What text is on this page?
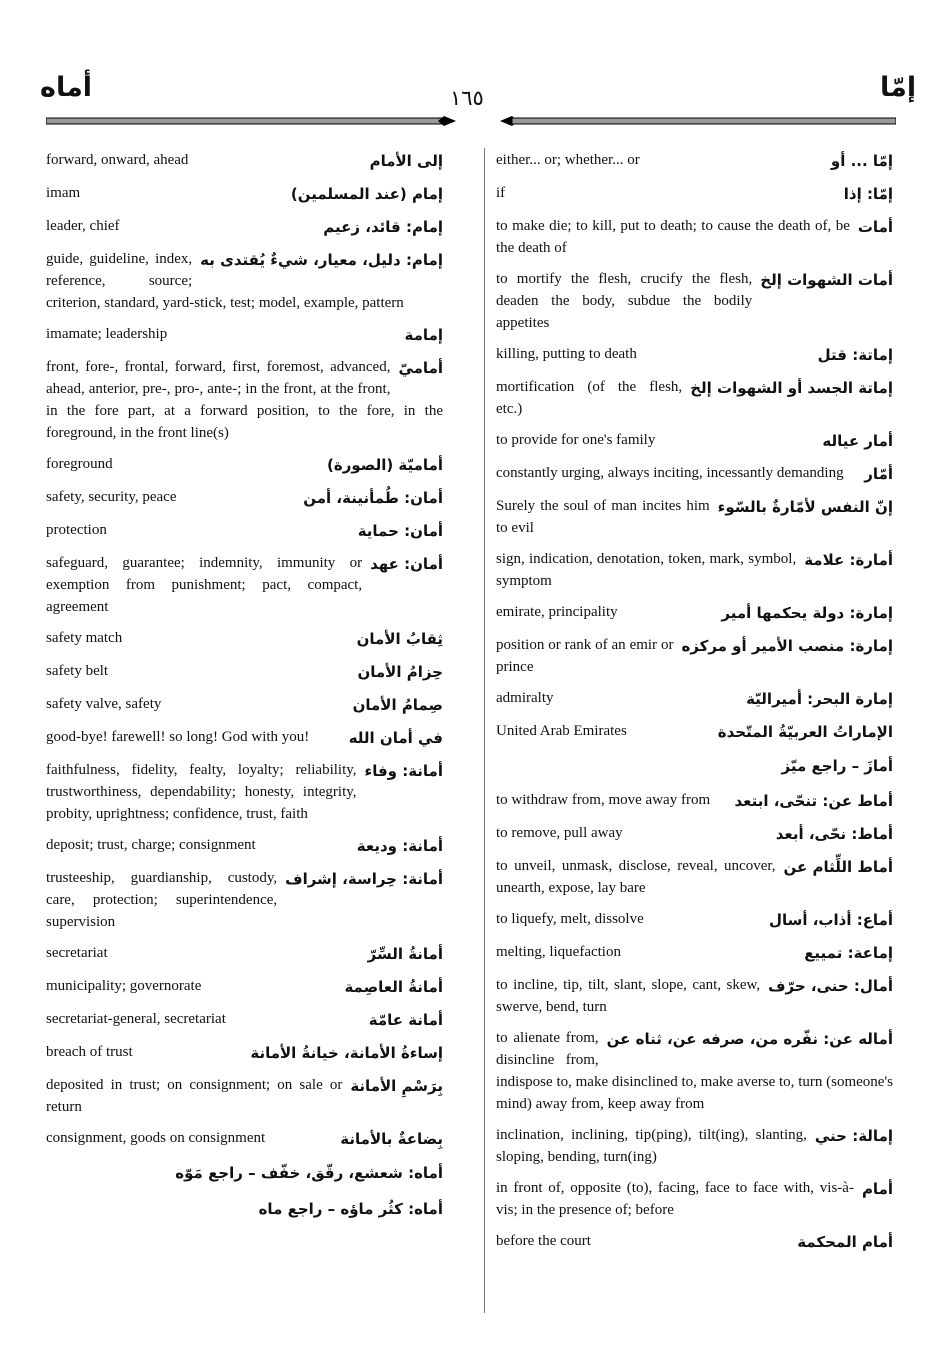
أماه	١٦٥	إمّا
إلى الأمام
forward, onward, ahead
إمام (عند المسلمين)
imam
إمام: قائد، زعيم
leader, chief
إمام: دليل، معيار، شيءٌ يُقتدى به
guide, guideline, index, reference, source; criterion, standard, yard-stick, test; model, example, pattern
إمامة
imamate; leadership
أماميّ
front, fore-, frontal, forward, first, foremost, advanced, ahead, anterior, pre-, pro-, ante-; in the front, at the front, in the fore part, at a forward position, to the fore, in the foreground, in the front line(s)
أماميّة (الصورة)
foreground
أمان: طُمأنينة، أمن
safety, security, peace
أمان: حماية
protection
أمان: عهد
safeguard, guarantee; indemnity, immunity or exemption from punishment; pact, compact, agreement
ثِقابُ الأمان
safety match
حِزامُ الأمان
safety belt
صِمامُ الأمان
safety valve, safety
في أمان الله
good-bye! farewell! so long! God with you!
أمانة: وفاء
faithfulness, fidelity, fealty, loyalty; reliability, trustworthiness, dependability; honesty, integrity, probity, uprightness; confidence, trust, faith
أمانة: وديعة
deposit; trust, charge; consignment
أمانة: حِراسة، إشراف
trusteeship, guardianship, custody, care, protection; superintendence, supervision
أمانةُ السِّرّ
secretariat
أمانةُ العاصِمة
municipality; governorate
أمانة عامّة
secretariat-general, secretariat
إساءةُ الأمانة، خيانةُ الأمانة
breach of trust
بِرَسْمِ الأمانة
deposited in trust; on consignment; on sale or return
بِضاعةٌ بالأمانة
consignment, goods on consignment
أماه: شعشع، رقّق، خفّف – راجع مَوّه
أماه: كثُر ماؤه – راجع ماه
إمّا ... أو
either... or; whether... or
إمّا: إذا
if
أمات
to make die; to kill, put to death; to cause the death of, be the death of
أمات الشهوات إلخ
to mortify the flesh, crucify the flesh, deaden the body, subdue the bodily appetites
إماتة: قتل
killing, putting to death
إماتة الجسد أو الشهوات إلخ
mortification (of the flesh, etc.)
أمار عياله
to provide for one's family
أمّار
constantly urging, always inciting, incessantly demanding
إنّ النفس لأمّارةٌ بالسّوء
Surely the soul of man incites him to evil
أمارة: علامة
sign, indication, denotation, token, mark, symbol, symptom
إمارة: دولة يحكمها أمير
emirate, principality
إمارة: منصب الأمير أو مركزه
position or rank of an emir or prince
إمارة البحر: أميراليّة
admiralty
الإماراتُ العربيّةُ المتّحدة
United Arab Emirates
أمازَ – راجع ميّز
أماط عن: تنحّى، ابتعد
to withdraw from, move away from
أماط: نحّى، أبعد
to remove, pull away
أماط اللِّثام عن
to unveil, unmask, disclose, reveal, uncover, unearth, expose, lay bare
أماع: أذاب، أسال
to liquefy, melt, dissolve
إماعة: تمييع
melting, liquefaction
أمال: حنى، حرّف
to incline, tip, tilt, slant, slope, cant, skew, swerve, bend, turn
أماله عن: نفّره من، صرفه عن، ثناه عن
to alienate from, disincline from, indispose to, make disinclined to, make averse to, turn (someone's mind) away from, keep away from
إمالة: حني
inclination, inclining, tip(ping), tilt(ing), slanting, sloping, bending, turn(ing)
أمام
in front of, opposite (to), facing, face to face with, vis-à-vis; in the presence of; before
أمام المحكمة
before the court
